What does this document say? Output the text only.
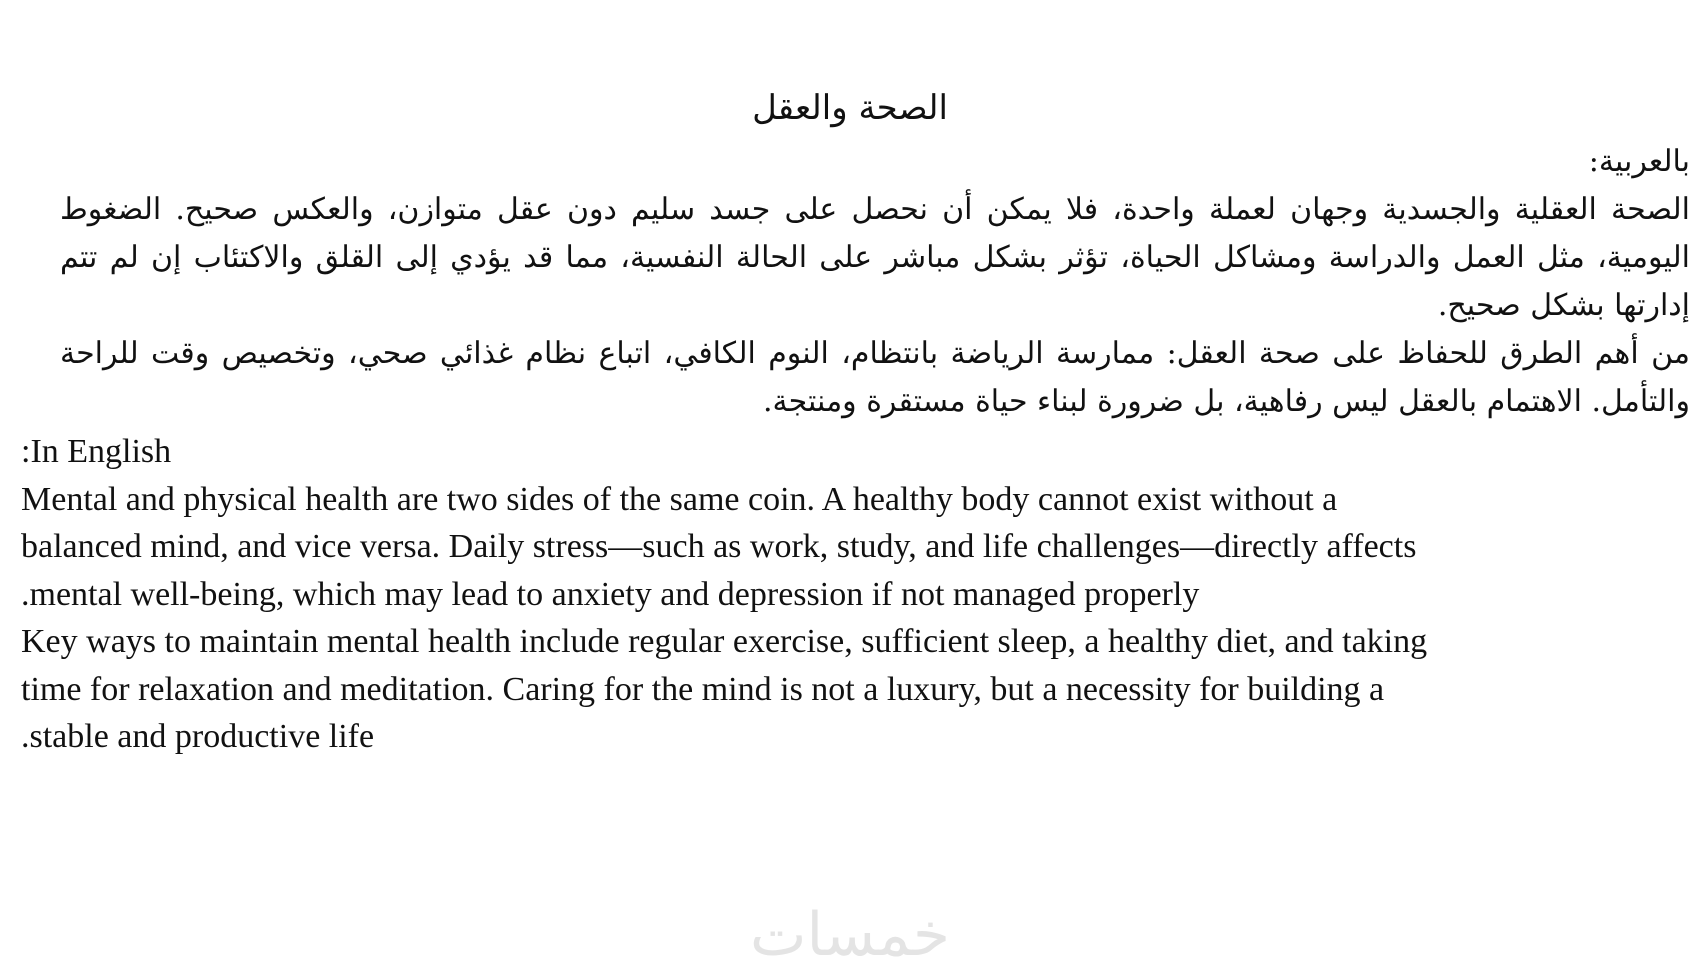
الصحة والعقل

بالعربية:

الصحة العقلية والجسدية وجهان لعملة واحدة، فلا يمكن أن نحصل على جسد سليم دون عقل متوازن، والعكس صحيح. الضغوط اليومية، مثل العمل والدراسة ومشاكل الحياة، تؤثر بشكل مباشر على الحالة النفسية، مما قد يؤدي إلى القلق والاكتئاب إن لم تتم إدارتها بشكل صحيح.

من أهم الطرق للحفاظ على صحة العقل: ممارسة الرياضة بانتظام، النوم الكافي، اتباع نظام غذائي صحي، وتخصيص وقت للراحة والتأمل. الاهتمام بالعقل ليس رفاهية، بل ضرورة لبناء حياة مستقرة ومنتجة.

:In English

Mental and physical health are two sides of the same coin. A healthy body cannot exist without a

balanced mind, and vice versa. Daily stress—such as work, study, and life challenges—directly affects

.mental well-being, which may lead to anxiety and depression if not managed properly

Key ways to maintain mental health include regular exercise, sufficient sleep, a healthy diet, and taking

time for relaxation and meditation. Caring for the mind is not a luxury, but a necessity for building a

.stable and productive life

خمسات
